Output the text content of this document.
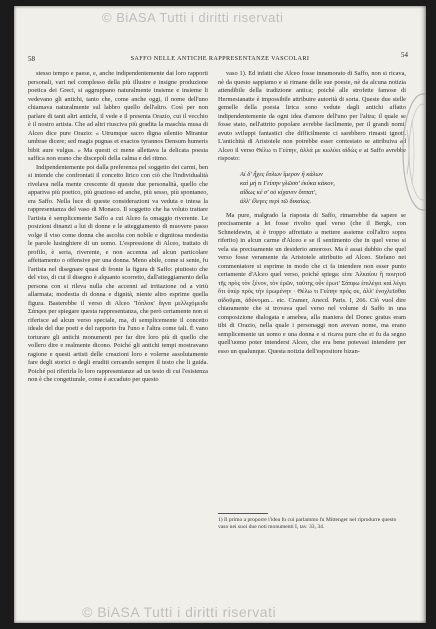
© BiASA Tutti i diritti riservati
58	SAFFO NELLE ANTICHE RAPPRESENTANZE VASCOLARI	54

stesso tempo e paese, e, anche indipendentemente dai loro rapporti personali, vari nel complesso della più illustre e insigne produzione poetica dei Greci, si aggruppano naturalmente insieme e insieme li vedevano gli antichi, tanto che, come anche oggi, il nome dell'uno chiamava naturalmente sul labbro quello dell'altro. Così per non parlare di tanti altri antichi, il vede e il presenta Orazio, cui il vecchio è il nostro artista. Che ad altri riusciva più gradita la maschia musa di Alceo dice pure Orazio: « Utrumque sacro digna silentio Mirantur umbrae dicere; sed magis pugnas et exactos tyrannos Densum humeris bibit aure vulgus. » Ma questi ci mene allettava la delicata poesia saffica non erano che discepoli della calma e del ritmo.

Indipendentemente poi dalla preferenza pel soggetto dei carmi, ben si intende che confrontati il concetto lirico con ciò che l'individualità rivelava nella mente crescente di queste due personalità, quello che appariva più poetico, più grazioso ed anche, più sesso, più spontaneo, era Saffo. Nella luce di queste considerazioni va veduta e intesa la rappresentanza del vaso di Monaco. Il soggetto che ha voluto trattare l'artista è semplicemente Saffo a cui Alceo fa omaggio riverente. Le posizioni dinanzi a lui di donne e le atteggiamento di muovere passo volge il viso come donna che ascolta con nobile e dignitosa modestia le parole lusinghiere di un uomo. L'espressione di Alceo, trattato di profilo, è seria, riverente, e non accenna ad alcun particolare affettamento o offensive per una donna. Meno abile, come si sente, fu l'artista nel disegnare quasi di fronte la figura di Saffo: piuttosto che del viso, di cui il disegno è alquanto scorretto, dall'atteggiamento della persona con si rileva nulla che accenni ad irritazione od a virtù allarmata; modestia di donna e dignità, niente altro esprime quella figura. Basterebbe il verso di Alceo 'Ἰόπλοκ' ἄγνα μελλιχόμειδε Σάπφοι per spiegare questa rappresentanza, che però certamente non si riferisce ad alcun verso speciale, ma, di semplicemente il concetto ideale del due poeti e del rapporto fra l'uno e l'altra come tali. È vano torturare gli antichi monumenti per far dire loro più di quello che vollero dire e realmente dicono. Poiché gli antichi tempi mostravano ragione e questi artisti delle creazioni loro e volerne assolutamente fare degli storici o degli eruditi cercando sempre il testo che li guida. Poiché poi riferirla lo loro rappresentanze ad un testo di cui l'esistenza non è che congetturale, come è accaduto per questo

vaso 1). Ed infatti che Alceo fosse innamorato di Saffo, non si ricava, nè da questo sappiamo e si rimane delle sue poesie, nè da alcuna notizia attendibile della tradizione antica; poiché alle strofette famose di Hermesianatte è impossibile attribuire autorità di sorta. Queste due stelle gemelle della poesia lirica sono vedute dagli antichi affatto indipendentemente da ogni idea d'amore dell'uno per l'altra; il quale se fosse stato, nell'attrito popolare avrebbe facilmente, per il grandi nomi, avuto sviluppi fantastici che difficilmente ci sarebbero rimasti ignoti. L'antichità di Aristotele non potrebbe esser contestato se attribuiva ad Alceo il verso Θέλω τι Γείπην, ἀλλά με κωλύει αἰδώς e ai Saffo avrebbe risposto:

Αἰ δ' ἦχες ἔσλων ἵμερον ἢ κάλων
καὶ μή τι Γείπην γλῶσσ' ἐκύκα κάκον,
αἴδως κέ σ' οὐ κίχανεν ὄππατ',
ἀλλ' ἔλεγες περὶ τῶ δικαίως.

Ma pure, malgrado la risposta di Saffo, rimarrebbe da sapere se precisamente a lei fosse rivolto quel verso (che il Bergk, con Schneidewin, si è troppo affrettato a mettere assieme coll'altro sopra riferito) in alcun carme d'Alceo e se il sentimento che in quel verso si vela sia precisamente un desiderio amoroso. Ma è assai dubbio che quel verso fosse veramente da Aristotele attribuito ad Alceo. Stefano nei commentatore si esprime in modo che ci fa intendere non esser punto certamente d'Alceo quel verso, poiché spiega: εἰπε Ἀλκαίου ἢ ποιητοῦ τῆς πρὸς τὸν ξένον, τὸν ἐρῶν, ταύτης οὖν ἐρωτ' Σάπφω ἐπιλέγει καὶ λέγει ὅτι ὑπὲρ πρὸς τὴν ἐρωμένην · Θέλω τι Γείπην πρός σε, ἀλλ' ἐνοχλεῖσθαι αἰδοῦμαι, ἀδύνομαι... etc. Cramer, Anecd. Paris. I, 266. Ciò vuol dire chiaramente che si trovava quel verso nel volume di Saffo in una composizione dialogata e amebea, alla maniera del Donec gratus eram tibi di Orazio, nella quale i personaggi non avevan nome, ma erano semplicemente un uomo e una donna e si ricava pure che ei fu da segno quell'uomo poter intendersi Alceo, che era bene potevasi intendere per esso un qualunque. Questa notizia dell'espositore bizan-

1) Il primo a proporre l'idea fu cui parlammo fu Mittenger nel riprodurre questo vaso nei suoi due noti monumenti I, tav. 33, 34.
© BiASA Tutti i diritti riservati
